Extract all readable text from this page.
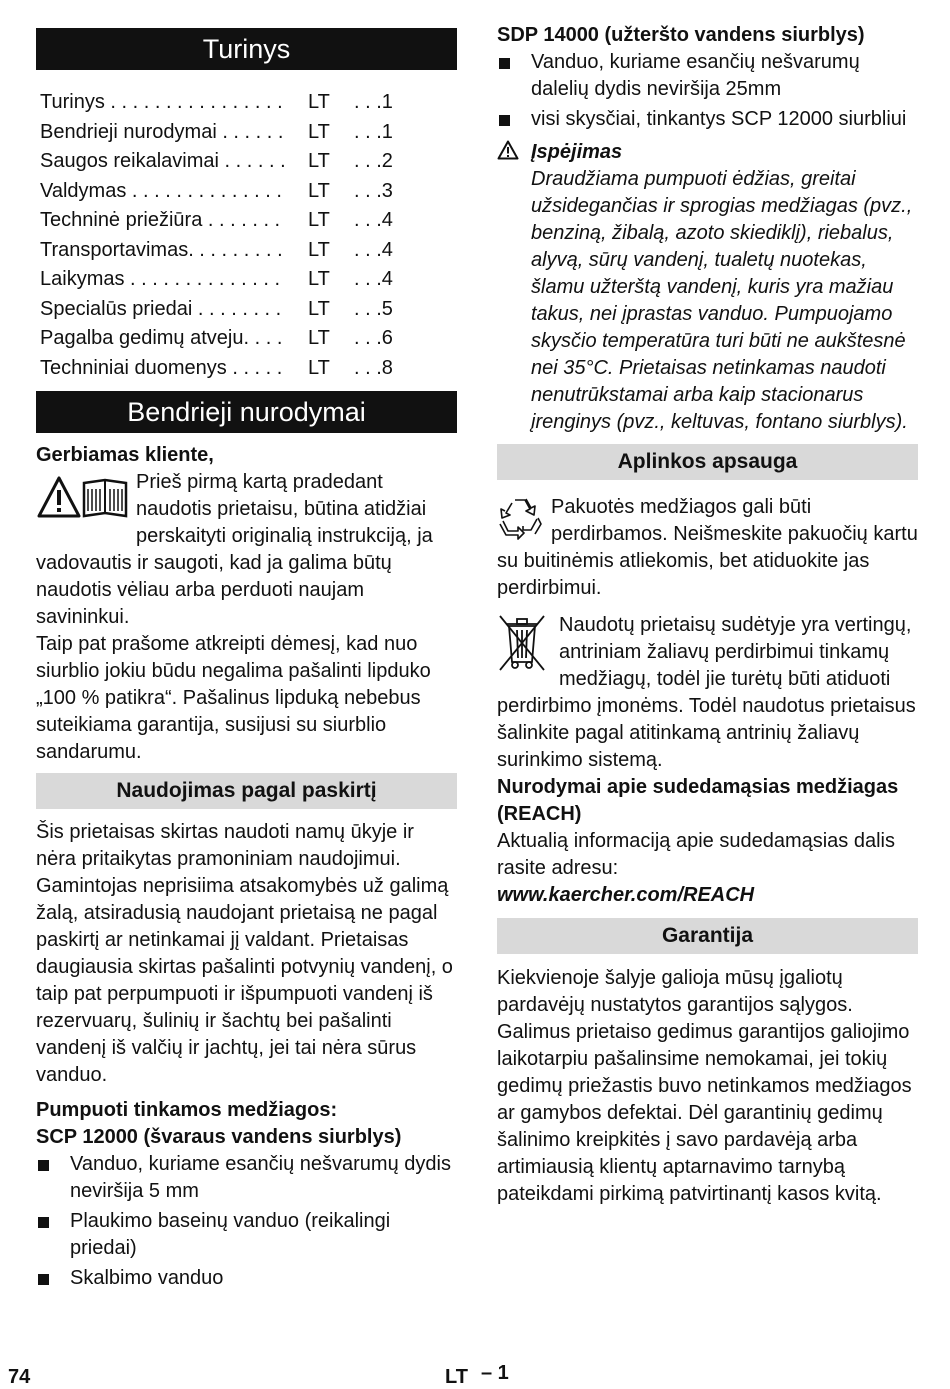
Turinys
Turinys . . . . . . . . . . . . . . . .	LT	. . .1
Bendrieji nurodymai . . . . . .	LT	. . .1
Saugos reikalavimai . . . . . .	LT	. . .2
Valdymas . . . . . . . . . . . . . .	LT	. . .3
Techninė priežiūra . . . . . . .	LT	. . .4
Transportavimas. . . . . . . . .	LT	. . .4
Laikymas . . . . . . . . . . . . . .	LT	. . .4
Specialūs priedai . . . . . . . .	LT	. . .5
Pagalba gedimų atveju. . . .	LT	. . .6
Techniniai duomenys . . . . .	LT	. . .8
Bendrieji nurodymai
Gerbiamas kliente,

Prieš pirmą kartą pradedant naudotis prietaisu, būtina atidžiai perskaityti originalią instrukciją, ja vadovautis ir saugoti, kad ja galima būtų naudotis vėliau arba perduoti naujam savininkui.

Taip pat prašome atkreipti dėmesį, kad nuo siurblio jokiu būdu negalima pašalinti lipduko „100 % patikra“. Pašalinus lipduką nebebus suteikiama garantija, susijusi su siurblio sandarumu.

Naudojimas pagal paskirtį

Šis prietaisas skirtas naudoti namų ūkyje ir nėra pritaikytas pramoniniam naudojimui. Gamintojas neprisiima atsakomybės už galimą žalą, atsiradusią naudojant prietaisą ne pagal paskirtį ar netinkamai jį valdant. Prietaisas daugiausia skirtas pašalinti potvynių vandenį, o taip pat perpumpuoti ir išpumpuoti vandenį iš rezervuarų, šulinių ir šachtų bei pašalinti vandenį iš valčių ir jachtų, jei tai nėra sūrus vanduo.

Pumpuoti tinkamos medžiagos:
SCP 12000 (švaraus vandens siurblys)
Vanduo, kuriame esančių nešvarumų dydis neviršija 5 mm
Plaukimo baseinų vanduo (reikalingi priedai)
Skalbimo vanduo
SDP 14000 (užteršto vandens siurblys)
Vanduo, kuriame esančių nešvarumų dalelių dydis neviršija 25mm
visi skysčiai, tinkantys SCP 12000 siurbliui
Įspėjimas

Draudžiama pumpuoti ėdžias, greitai užsidegančias ir sprogias medžiagas (pvz., benziną, žibalą, azoto skiediklį), riebalus, alyvą, sūrų vandenį, tualetų nuotekas, šlamu užterštą vandenį, kuris yra mažiau takus, nei įprastas vanduo. Pumpuojamo skysčio temperatūra turi būti ne aukštesnė nei 35°C. Prietaisas netinkamas naudoti nenutrūkstamai arba kaip stacionarus įrenginys (pvz., keltuvas, fontano siurblys).

Aplinkos apsauga

Pakuotės medžiagos gali būti perdirbamos. Neišmeskite pakuočių kartu su buitinėmis atliekomis, bet atiduokite jas perdirbimui.

Naudotų prietaisų sudėtyje yra vertingų, antriniam žaliavų perdirbimui tinkamų medžiagų, todėl jie turėtų būti atiduoti perdirbimo įmonėms. Todėl naudotus prietaisus šalinkite pagal atitinkamą antrinių žaliavų surinkimo sistemą.

Nurodymai apie sudedamąsias medžiagas (REACH)

Aktualią informaciją apie sudedamąsias dalis rasite adresu:

www.kaercher.com/REACH
Garantija

Kiekvienoje šalyje galioja mūsų įgaliotų pardavėjų nustatytos garantijos sąlygos. Galimus prietaiso gedimus garantijos galiojimo laikotarpiu pašalinsime nemokamai, jei tokių gedimų priežastis buvo netinkamos medžiagos ar gamybos defektai. Dėl garantinių gedimų šalinimo kreipkitės į savo pardavėją arba artimiausią klientų aptarnavimo tarnybą pateikdami pirkimą patvirtinantį kasos kvitą.

74	LT – 1
